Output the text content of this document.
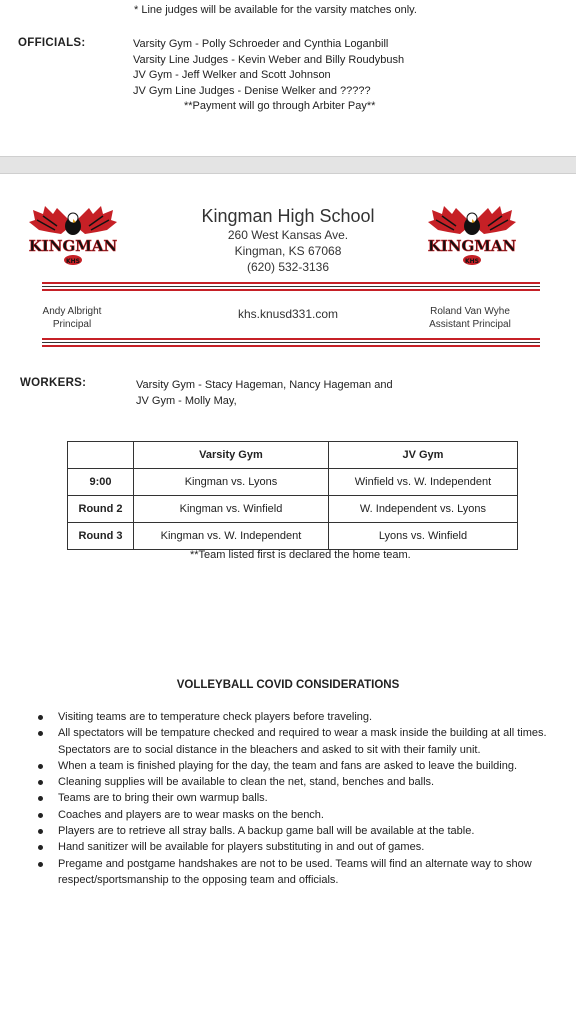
* Line judges will be available for the varsity matches only.
OFFICIALS:	Varsity Gym - Polly Schroeder and Cynthia Loganbill
Varsity Line Judges - Kevin Weber and Billy Roudybush
JV Gym - Jeff Welker and Scott Johnson
JV Gym Line Judges - Denise Welker and ?????
**Payment will go through Arbiter Pay**
KINGMAN
KHS
Kingman High School
260 West Kansas Ave.
Kingman, KS 67068
(620) 532-3136
KINGMAN
KHS
Andy Albright
Principal
khs.knusd331.com	Roland Van Wyhe
Assistant Principal
WORKERS:	Varsity Gym - Stacy Hageman, Nancy Hageman and
JV Gym - Molly May,
	Varsity Gym	JV Gym
9:00	Kingman vs. Lyons	Winfield vs. W. Independent
Round 2	Kingman vs. Winfield	W. Independent vs. Lyons
Round 3	Kingman vs. W. Independent	Lyons vs. Winfield
**Team listed first is declared the home team.
VOLLEYBALL COVID CONSIDERATIONS
Visiting teams are to temperature check players before traveling.
All spectators will be tempature checked and required to wear a mask inside the building at all times. Spectators are to social distance in the bleachers and asked to sit with their family unit.
When a team is finished playing for the day, the team and fans are asked to leave the building.
Cleaning supplies will be available to clean the net, stand, benches and balls.
Teams are to bring their own warmup balls.
Coaches and players are to wear masks on the bench.
Players are to retrieve all stray balls. A backup game ball will be available at the table.
Hand sanitizer will be available for players substituting in and out of games.
Pregame and postgame handshakes are not to be used. Teams will find an alternate way to show respect/sportsmanship to the opposing team and officials.
